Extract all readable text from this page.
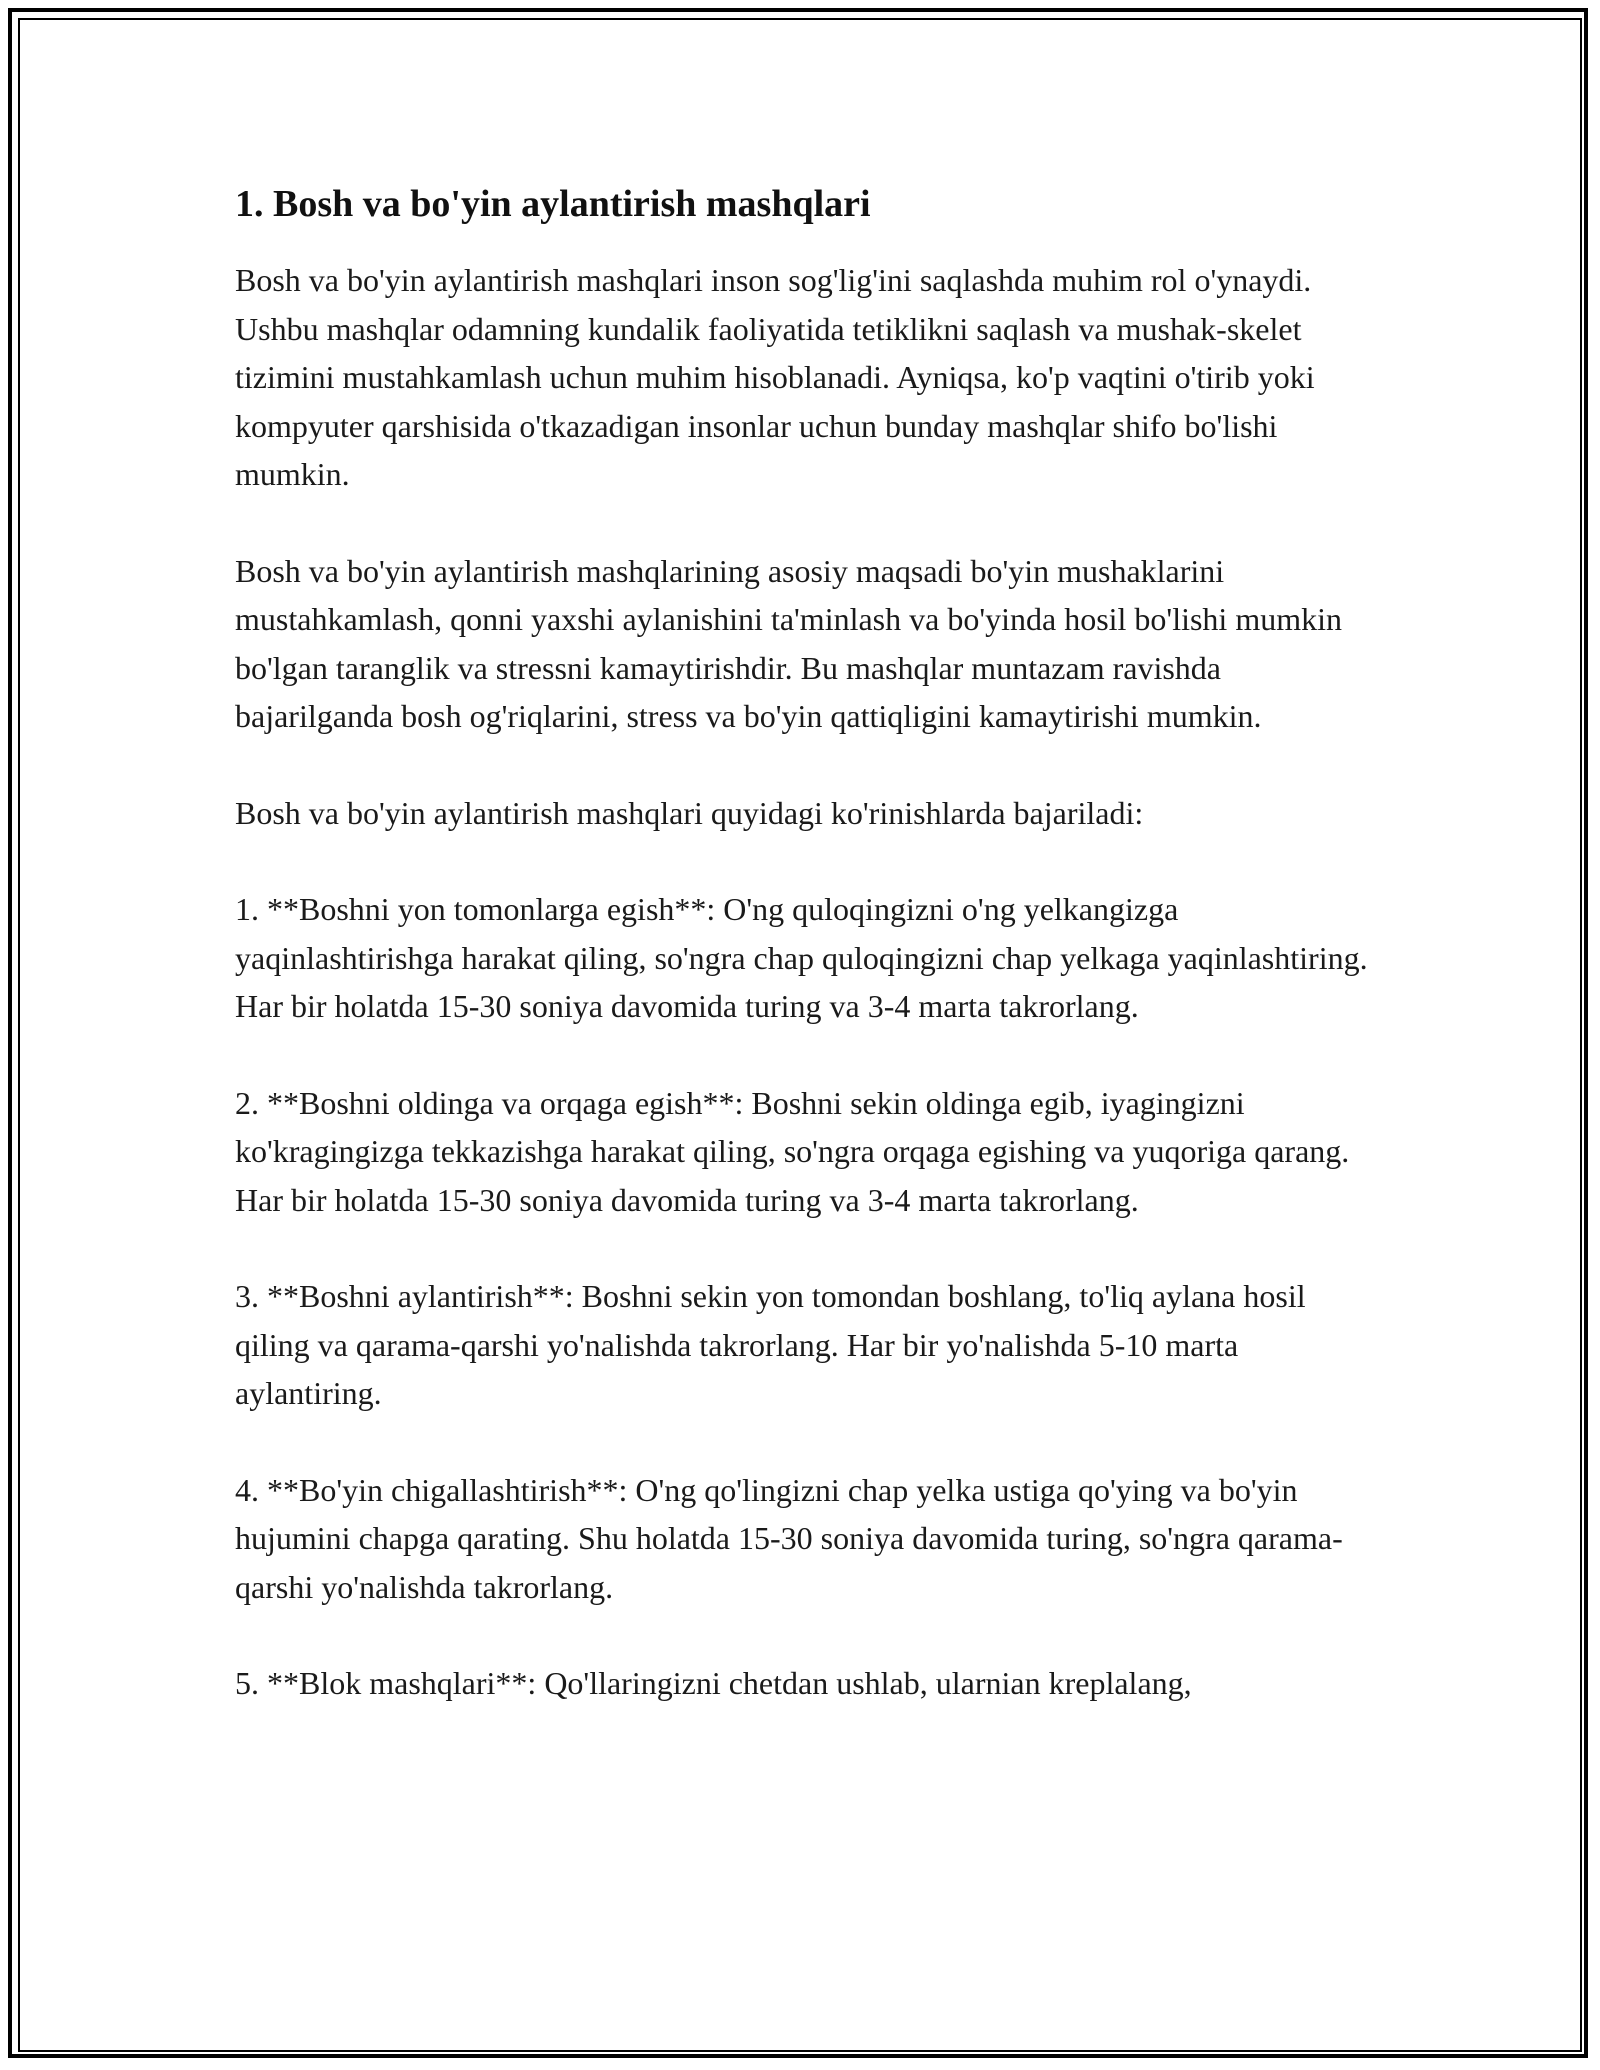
1. Bosh va bo'yin aylantirish mashqlari

Bosh va bo'yin aylantirish mashqlari inson sog'lig'ini saqlashda muhim rol o'ynaydi. Ushbu mashqlar odamning kundalik faoliyatida tetiklikni saqlash va mushak-skelet tizimini mustahkamlash uchun muhim hisoblanadi. Ayniqsa, ko'p vaqtini o'tirib yoki kompyuter qarshisida o'tkazadigan insonlar uchun bunday mashqlar shifo bo'lishi mumkin.

Bosh va bo'yin aylantirish mashqlarining asosiy maqsadi bo'yin mushaklarini mustahkamlash, qonni yaxshi aylanishini ta'minlash va bo'yinda hosil bo'lishi mumkin bo'lgan taranglik va stressni kamaytirishdir. Bu mashqlar muntazam ravishda bajarilganda bosh og'riqlarini, stress va bo'yin qattiqligini kamaytirishi mumkin.

Bosh va bo'yin aylantirish mashqlari quyidagi ko'rinishlarda bajariladi:

1. **Boshni yon tomonlarga egish**: O'ng quloqingizni o'ng yelkangizga yaqinlashtirishga harakat qiling, so'ngra chap quloqingizni chap yelkaga yaqinlashtiring. Har bir holatda 15-30 soniya davomida turing va 3-4 marta takrorlang.

2. **Boshni oldinga va orqaga egish**: Boshni sekin oldinga egib, iyagingizni ko'kragingizga tekkazishga harakat qiling, so'ngra orqaga egishing va yuqoriga qarang. Har bir holatda 15-30 soniya davomida turing va 3-4 marta takrorlang.

3. **Boshni aylantirish**: Boshni sekin yon tomondan boshlang, to'liq aylana hosil qiling va qarama-qarshi yo'nalishda takrorlang. Har bir yo'nalishda 5-10 marta aylantiring.

4. **Bo'yin chigallashtirish**: O'ng qo'lingizni chap yelka ustiga qo'ying va bo'yin hujumini chapga qarating. Shu holatda 15-30 soniya davomida turing, so'ngra qarama-qarshi yo'nalishda takrorlang.

5. **Blok mashqlari**: Qo'llaringizni chetdan ushlab, ularnian kreplalang,
